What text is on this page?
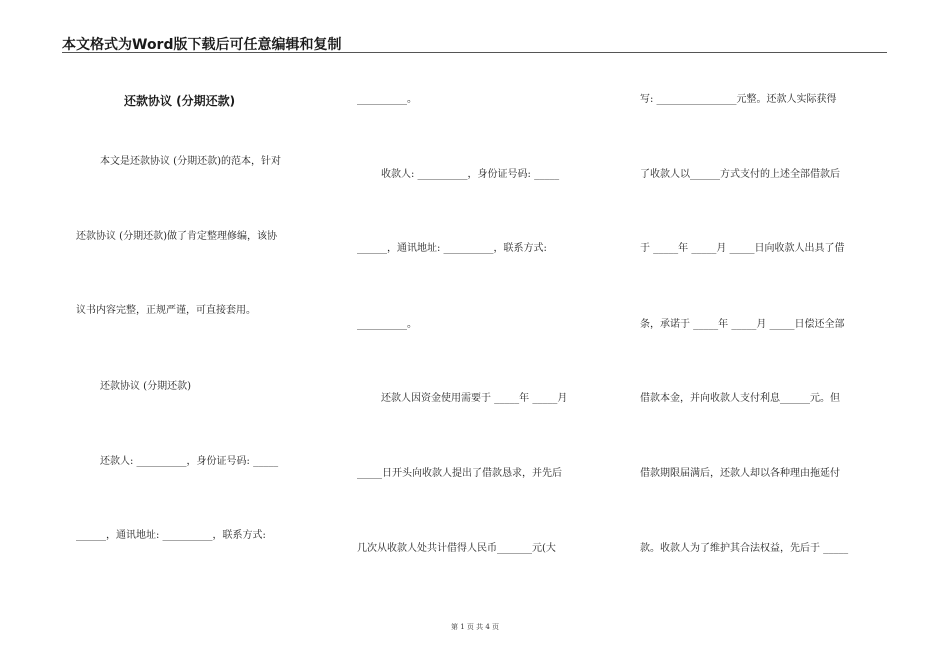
本文格式为Word版下载后可任意编辑和复制
还款协议 (分期还款)
本文是还款协议 (分期还款)的范本，针对
还款协议 (分期还款)做了肯定整理修编，该协
议书内容完整，正规严谨，可直接套用。
还款协议 (分期还款)
还款人: __________，身份证号码: _____
______，通讯地址: __________，联系方式:
__________。
收款人: __________，身份证号码: _____
______，通讯地址: __________，联系方式:
__________。
还款人因资金使用需要于 _____年 _____月
_____日开头向收款人提出了借款恳求，并先后
几次从收款人处共计借得人民币_______元(大
写: ________________元整。还款人实际获得
了收款人以______方式支付的上述全部借款后
于 _____年 _____月 _____日向收款人出具了借
条，承诺于 _____年 _____月 _____日偿还全部
借款本金，并向收款人支付利息______元。但
借款期限届满后，还款人却以各种理由拖延付
款。收款人为了维护其合法权益，先后于 _____
第 1 页 共 4 页
